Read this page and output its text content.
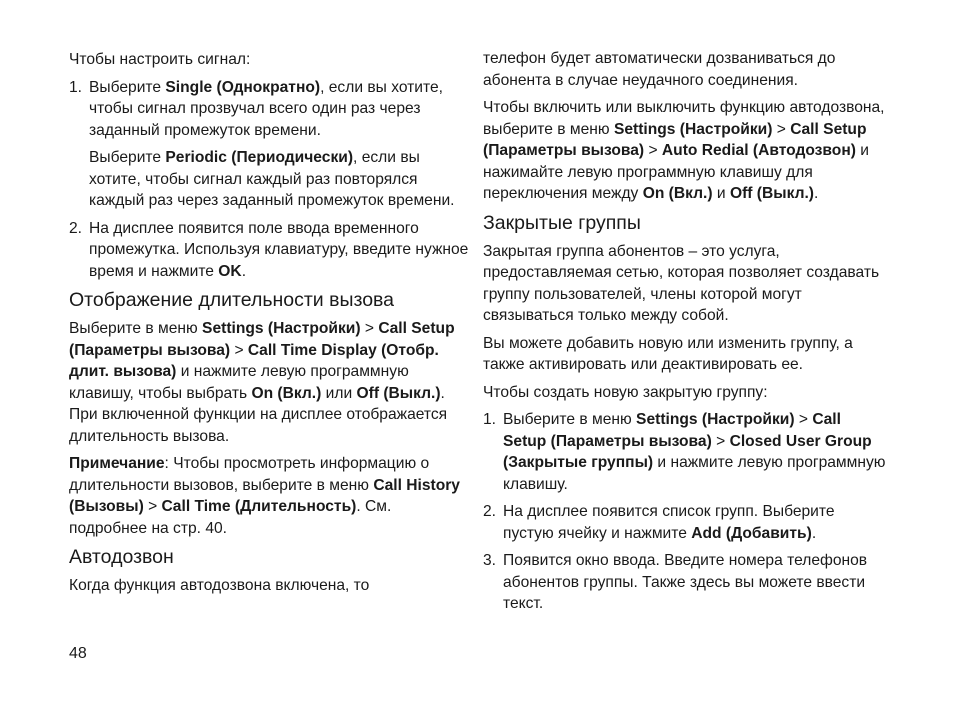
Чтобы настроить сигнал:

1. Выберите Single (Однократно), если вы хотите, чтобы сигнал прозвучал всего один раз через заданный промежуток времени.

Выберите Periodic (Периодически), если вы хотите, чтобы сигнал каждый раз повторялся каждый раз через заданный промежуток времени.

2. На дисплее появится поле ввода временного промежутка. Используя клавиатуру, введите нужное время и нажмите OK.

Отображение длительности вызова

Выберите в меню Settings (Настройки) > Call Setup (Параметры вызова) > Call Time Display (Отобр. длит. вызова) и нажмите левую программную клавишу, чтобы выбрать On (Вкл.) или Off (Выкл.). При включенной функции на дисплее отображается длительность вызова.

Примечание: Чтобы просмотреть информацию о длительности вызовов, выберите в меню Call History (Вызовы) > Call Time (Длительность). См. подробнее на стр. 40.

Автодозвон

Когда функция автодозвона включена, то

48

телефон будет автоматически дозваниваться до абонента в случае неудачного соединения.

Чтобы включить или выключить функцию автодозвона, выберите в меню Settings (Настройки) > Call Setup (Параметры вызова) > Auto Redial (Автодозвон) и нажимайте левую программную клавишу для переключения между On (Вкл.) и Off (Выкл.).

Закрытые группы

Закрытая группа абонентов – это услуга, предоставляемая сетью, которая позволяет создавать группу пользователей, члены которой могут связываться только между собой.

Вы можете добавить новую или изменить группу, а также активировать или деактивировать ее.

Чтобы создать новую закрытую группу:

1. Выберите в меню Settings (Настройки) > Call Setup (Параметры вызова) > Closed User Group (Закрытые группы) и нажмите левую программную клавишу.

2. На дисплее появится список групп. Выберите пустую ячейку и нажмите Add (Добавить).

3. Появится окно ввода. Введите номера телефонов абонентов группы. Также здесь вы можете ввести текст.
